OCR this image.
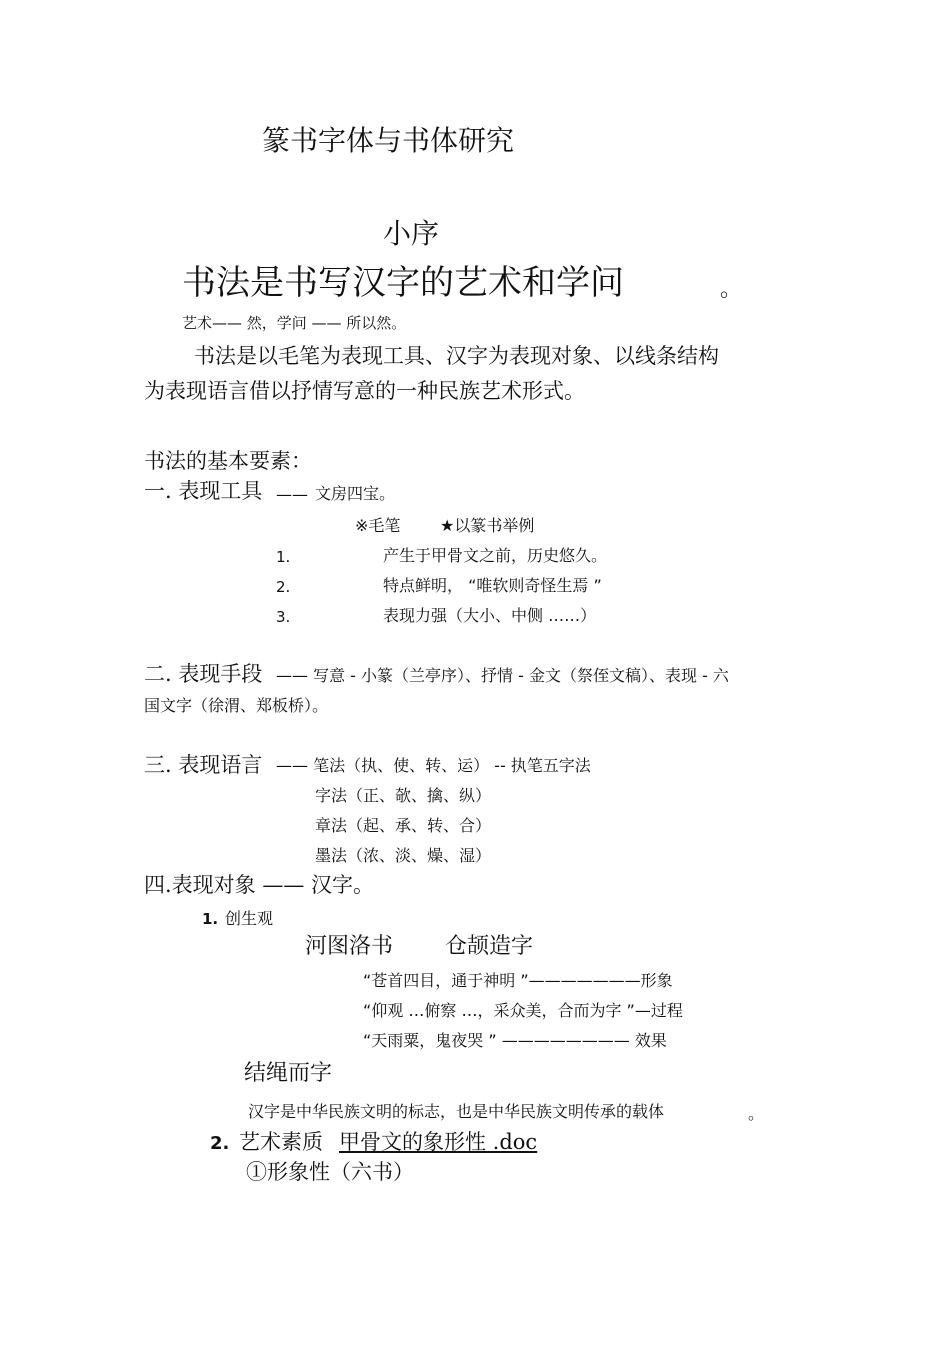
篆书字体与书体研究
小序
书法是书写汉字的艺术和学问	。
艺术—— 然，学问 —— 所以然。
书法是以毛笔为表现工具、汉字为表现对象、以线条结构
为表现语言借以抒情写意的一种民族艺术形式。
书法的基本要素：
一. 表现工具 —— 文房四宝。
※毛笔 ★以篆书举例
1.	产生于甲骨文之前，历史悠久。
2.	特点鲜明， “唯软则奇怪生焉 ”
3.	表现力强（大小、中侧 ……）
二. 表现手段 —— 写意 - 小篆（兰亭序）、抒情 - 金文（祭侄文稿）、表现 - 六
国文字（徐渭、郑板桥）。
三. 表现语言 —— 笔法（执、使、转、运） -- 执笔五字法
字法（正、欹、擒、纵）
章法（起、承、转、合）
墨法（浓、淡、燥、湿）
四.表现对象 —— 汉字。
1. 创生观
河图洛书 仓颉造字
“苍首四目，通于神明 ”———————形象
“仰观 …俯察 …，采众美，合而为字 ”—过程
“天雨粟，鬼夜哭 ” ———————— 效果
结绳而字
汉字是中华民族文明的标志，也是中华民族文明传承的载体	。
2. 艺术素质 甲骨文的象形性 .doc
①形象性（六书）
